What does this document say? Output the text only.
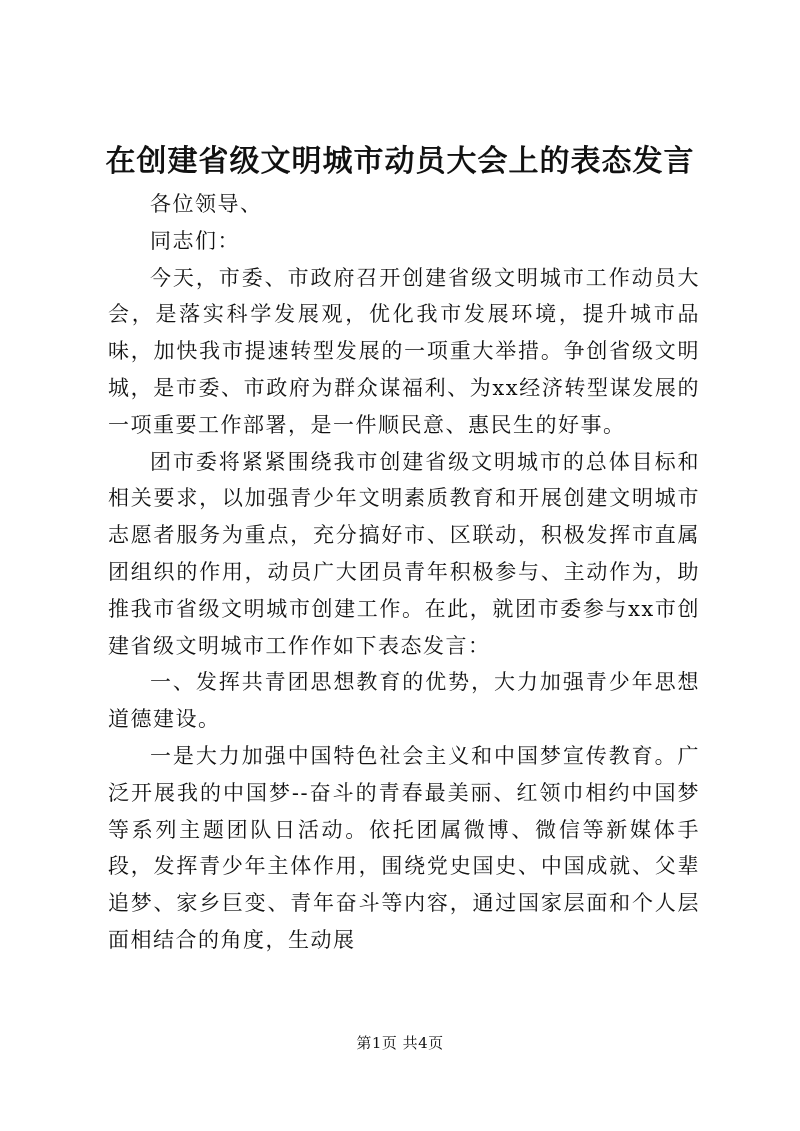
在创建省级文明城市动员大会上的表态发言

各位领导、

同志们：

今天，市委、市政府召开创建省级文明城市工作动员大会，是落实科学发展观，优化我市发展环境，提升城市品味，加快我市提速转型发展的一项重大举措。争创省级文明城，是市委、市政府为群众谋福利、为xx经济转型谋发展的一项重要工作部署，是一件顺民意、惠民生的好事。

团市委将紧紧围绕我市创建省级文明城市的总体目标和相关要求，以加强青少年文明素质教育和开展创建文明城市志愿者服务为重点，充分搞好市、区联动，积极发挥市直属团组织的作用，动员广大团员青年积极参与、主动作为，助推我市省级文明城市创建工作。在此，就团市委参与xx市创建省级文明城市工作作如下表态发言：

一、发挥共青团思想教育的优势，大力加强青少年思想道德建设。

一是大力加强中国特色社会主义和中国梦宣传教育。广泛开展我的中国梦--奋斗的青春最美丽、红领巾相约中国梦等系列主题团队日活动。依托团属微博、微信等新媒体手段，发挥青少年主体作用，围绕党史国史、中国成就、父辈追梦、家乡巨变、青年奋斗等内容，通过国家层面和个人层面相结合的角度，生动展

第1页 共4页
